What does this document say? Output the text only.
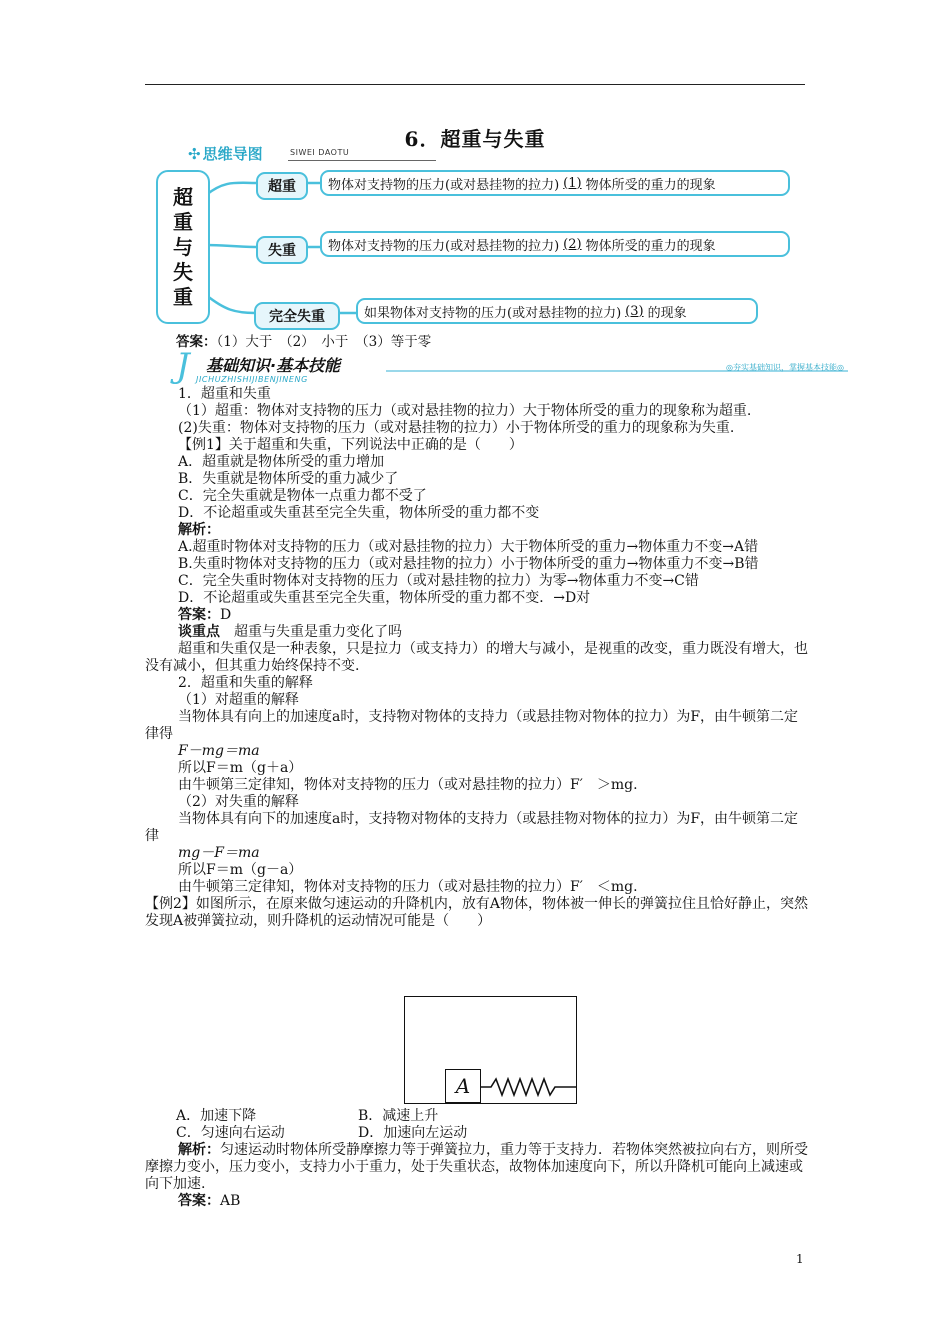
6．超重与失重
✣ 思维导图	SIWEI DAOTU
超
重
与
失
重
超重	物体对支持物的压力(或对悬挂物的拉力) (1) 物体所受的重力的现象
失重	物体对支持物的压力(或对悬挂物的拉力) (2) 物体所受的重力的现象
完全失重	如果物体对支持物的压力(或对悬挂物的拉力) (3) 的现象
答案：（1）大于　（2）　小于　（3）等于零
J 基础知识·基本技能
JICHUZHISHIJIBENJINENG
◎夯实基础知识，掌握基本技能◎

1．超重和失重

（1）超重：物体对支持物的压力（或对悬挂物的拉力）大于物体所受的重力的现象称为超重.

(2)失重：物体对支持物的压力（或对悬挂物的拉力）小于物体所受的重力的现象称为失重.

【例1】关于超重和失重，下列说法中正确的是（　　）

A．超重就是物体所受的重力增加

B．失重就是物体所受的重力减少了

C．完全失重就是物体一点重力都不受了

D．不论超重或失重甚至完全失重，物体所受的重力都不变

解析：

A.超重时物体对支持物的压力（或对悬挂物的拉力）大于物体所受的重力→物体重力不变→A错

B.失重时物体对支持物的压力（或对悬挂物的拉力）小于物体所受的重力→物体重力不变→B错

C．完全失重时物体对支持物的压力（或对悬挂物的拉力）为零→物体重力不变→C错

D．不论超重或失重甚至完全失重，物体所受的重力都不变．→D对

答案：D

谈重点　超重与失重是重力变化了吗

超重和失重仅是一种表象，只是拉力（或支持力）的增大与减小，是视重的改变，重力既没有增大，也没有减小，但其重力始终保持不变.

2．超重和失重的解释

（1）对超重的解释

当物体具有向上的加速度a时，支持物对物体的支持力（或悬挂物对物体的拉力）为F，由牛顿第二定律得

F－mg＝ma

所以F＝m（g＋a）

由牛顿第三定律知，物体对支持物的压力（或对悬挂物的拉力）F′　＞mg.

（2）对失重的解释

当物体具有向下的加速度a时，支持物对物体的支持力（或悬挂物对物体的拉力）为F，由牛顿第二定律

mg－F＝ma

所以F＝m（g－a）

由牛顿第三定律知，物体对支持物的压力（或对悬挂物的拉力）F′　＜mg.

【例2】如图所示，在原来做匀速运动的升降机内，放有A物体，物体被一伸长的弹簧拉住且恰好静止，突然发现A被弹簧拉动，则升降机的运动情况可能是（　　）

A
A．加速下降	B．减速上升
C．匀速向右运动	D．加速向左运动

解析：匀速运动时物体所受静摩擦力等于弹簧拉力，重力等于支持力．若物体突然被拉向右方，则所受摩擦力变小，压力变小，支持力小于重力，处于失重状态，故物体加速度向下，所以升降机可能向上减速或向下加速.

答案：AB

1
